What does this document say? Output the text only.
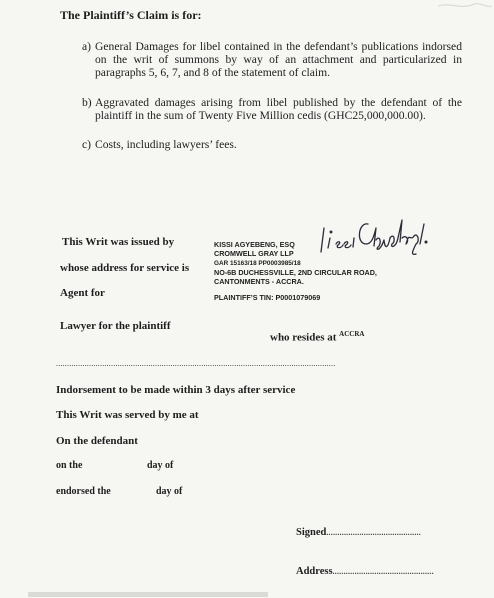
The Plaintiff’s Claim is for:
a) General Damages for libel contained in the defendant’s publications indorsed on the writ of summons by way of an attachment and particularized in paragraphs 5, 6, 7, and 8 of the statement of claim.
b) Aggravated damages arising from libel published by the defendant of the plaintiff in the sum of Twenty Five Million cedis (GHC25,000,000.00).
c) Costs, including lawyers’ fees.
This Writ was issued by
whose address for service is
Agent for
Lawyer for the plaintiff
KISSI AGYEBENG, ESQ
CROMWELL GRAY LLP
GAR 15163/18 PP0003985/18
NO-6B DUCHESSVILLE, 2ND CIRCULAR ROAD,
CANTONMENTS - ACCRA.
PLAINTIFF’S TIN: P0001079069
who resides at $^{ACCRA}$
...............................................................................................................................
Indorsement to be made within 3 days after service
This Writ was served by me at
On the defendant
on the	day of
endorsed the	day of
Signed...........................................
Address..............................................
